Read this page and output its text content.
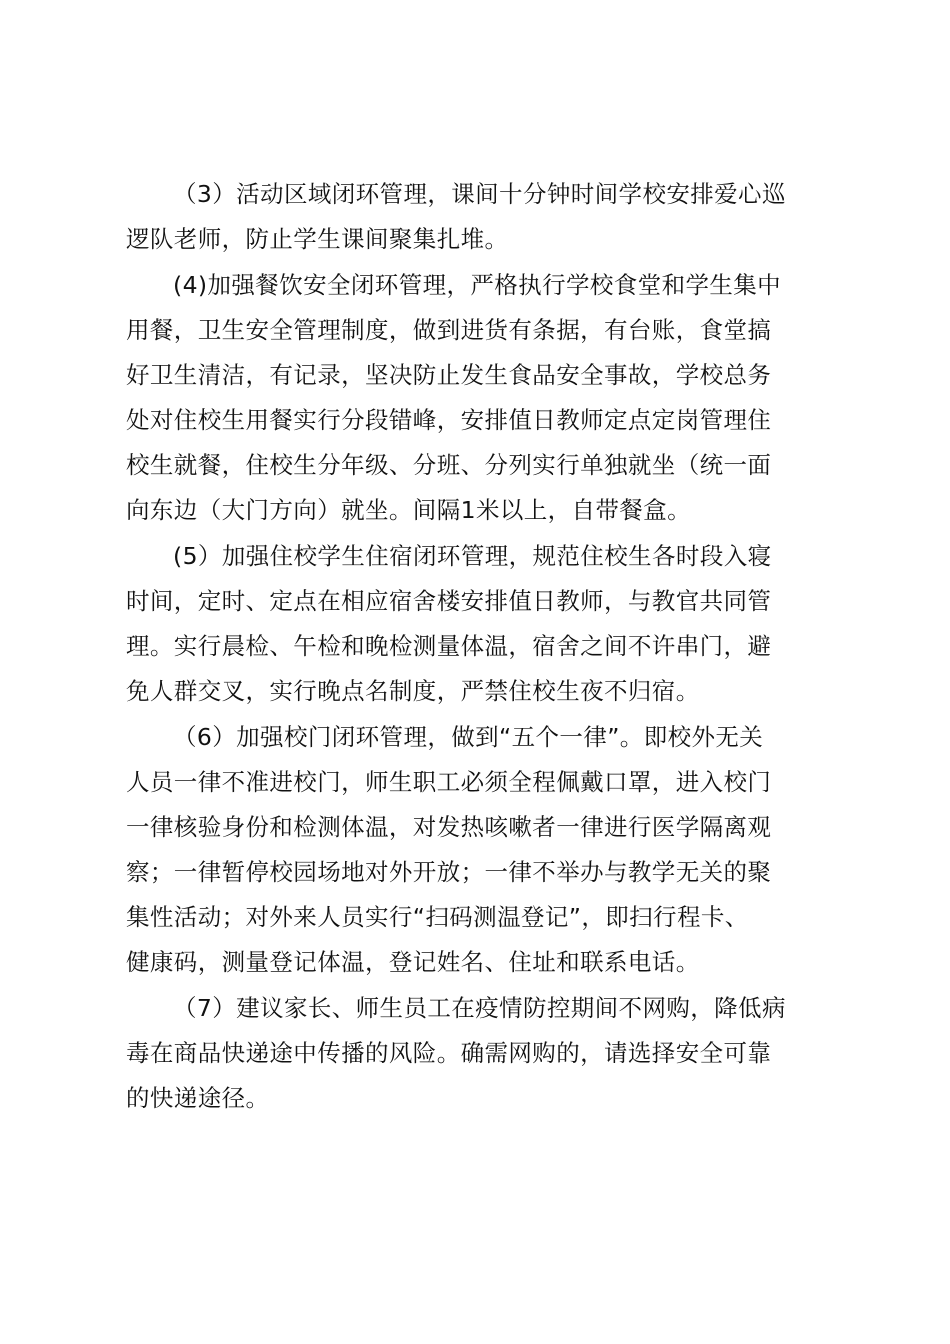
（3）活动区域闭环管理，课间十分钟时间学校安排爱心巡
逻队老师，防止学生课间聚集扎堆。
(4)加强餐饮安全闭环管理，严格执行学校食堂和学生集中
用餐，卫生安全管理制度，做到进货有条据，有台账，食堂搞
好卫生清洁，有记录，坚决防止发生食品安全事故，学校总务
处对住校生用餐实行分段错峰，安排值日教师定点定岗管理住
校生就餐，住校生分年级、分班、分列实行单独就坐（统一面
向东边（大门方向）就坐。间隔1米以上，自带餐盒。
(5）加强住校学生住宿闭环管理，规范住校生各时段入寝
时间，定时、定点在相应宿舍楼安排值日教师，与教官共同管
理。实行晨检、午检和晚检测量体温，宿舍之间不许串门，避
免人群交叉，实行晚点名制度，严禁住校生夜不归宿。
（6）加强校门闭环管理，做到“五个一律”。即校外无关
人员一律不准进校门，师生职工必须全程佩戴口罩，进入校门
一律核验身份和检测体温，对发热咳嗽者一律进行医学隔离观
察；一律暂停校园场地对外开放；一律不举办与教学无关的聚
集性活动；对外来人员实行“扫码测温登记”，即扫行程卡、
健康码，测量登记体温，登记姓名、住址和联系电话。
（7）建议家长、师生员工在疫情防控期间不网购，降低病
毒在商品快递途中传播的风险。确需网购的，请选择安全可靠
的快递途径。
